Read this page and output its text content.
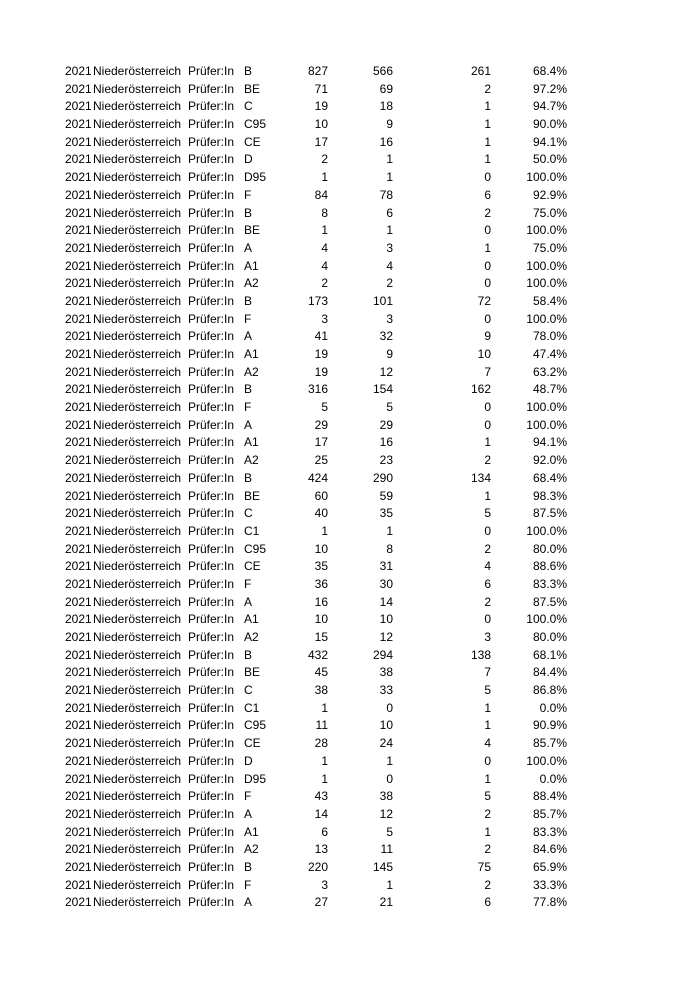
2021 Niederösterreich Prüfer:In B	827	566	261	68.4%
2021 Niederösterreich Prüfer:In BE	71	69	2	97.2%
2021 Niederösterreich Prüfer:In C	19	18	1	94.7%
2021 Niederösterreich Prüfer:In C95	10	9	1	90.0%
2021 Niederösterreich Prüfer:In CE	17	16	1	94.1%
2021 Niederösterreich Prüfer:In D	2	1	1	50.0%
2021 Niederösterreich Prüfer:In D95	1	1	0	100.0%
2021 Niederösterreich Prüfer:In F	84	78	6	92.9%
2021 Niederösterreich Prüfer:In B	8	6	2	75.0%
2021 Niederösterreich Prüfer:In BE	1	1	0	100.0%
2021 Niederösterreich Prüfer:In A	4	3	1	75.0%
2021 Niederösterreich Prüfer:In A1	4	4	0	100.0%
2021 Niederösterreich Prüfer:In A2	2	2	0	100.0%
2021 Niederösterreich Prüfer:In B	173	101	72	58.4%
2021 Niederösterreich Prüfer:In F	3	3	0	100.0%
2021 Niederösterreich Prüfer:In A	41	32	9	78.0%
2021 Niederösterreich Prüfer:In A1	19	9	10	47.4%
2021 Niederösterreich Prüfer:In A2	19	12	7	63.2%
2021 Niederösterreich Prüfer:In B	316	154	162	48.7%
2021 Niederösterreich Prüfer:In F	5	5	0	100.0%
2021 Niederösterreich Prüfer:In A	29	29	0	100.0%
2021 Niederösterreich Prüfer:In A1	17	16	1	94.1%
2021 Niederösterreich Prüfer:In A2	25	23	2	92.0%
2021 Niederösterreich Prüfer:In B	424	290	134	68.4%
2021 Niederösterreich Prüfer:In BE	60	59	1	98.3%
2021 Niederösterreich Prüfer:In C	40	35	5	87.5%
2021 Niederösterreich Prüfer:In C1	1	1	0	100.0%
2021 Niederösterreich Prüfer:In C95	10	8	2	80.0%
2021 Niederösterreich Prüfer:In CE	35	31	4	88.6%
2021 Niederösterreich Prüfer:In F	36	30	6	83.3%
2021 Niederösterreich Prüfer:In A	16	14	2	87.5%
2021 Niederösterreich Prüfer:In A1	10	10	0	100.0%
2021 Niederösterreich Prüfer:In A2	15	12	3	80.0%
2021 Niederösterreich Prüfer:In B	432	294	138	68.1%
2021 Niederösterreich Prüfer:In BE	45	38	7	84.4%
2021 Niederösterreich Prüfer:In C	38	33	5	86.8%
2021 Niederösterreich Prüfer:In C1	1	0	1	0.0%
2021 Niederösterreich Prüfer:In C95	11	10	1	90.9%
2021 Niederösterreich Prüfer:In CE	28	24	4	85.7%
2021 Niederösterreich Prüfer:In D	1	1	0	100.0%
2021 Niederösterreich Prüfer:In D95	1	0	1	0.0%
2021 Niederösterreich Prüfer:In F	43	38	5	88.4%
2021 Niederösterreich Prüfer:In A	14	12	2	85.7%
2021 Niederösterreich Prüfer:In A1	6	5	1	83.3%
2021 Niederösterreich Prüfer:In A2	13	11	2	84.6%
2021 Niederösterreich Prüfer:In B	220	145	75	65.9%
2021 Niederösterreich Prüfer:In F	3	1	2	33.3%
2021 Niederösterreich Prüfer:In A	27	21	6	77.8%
